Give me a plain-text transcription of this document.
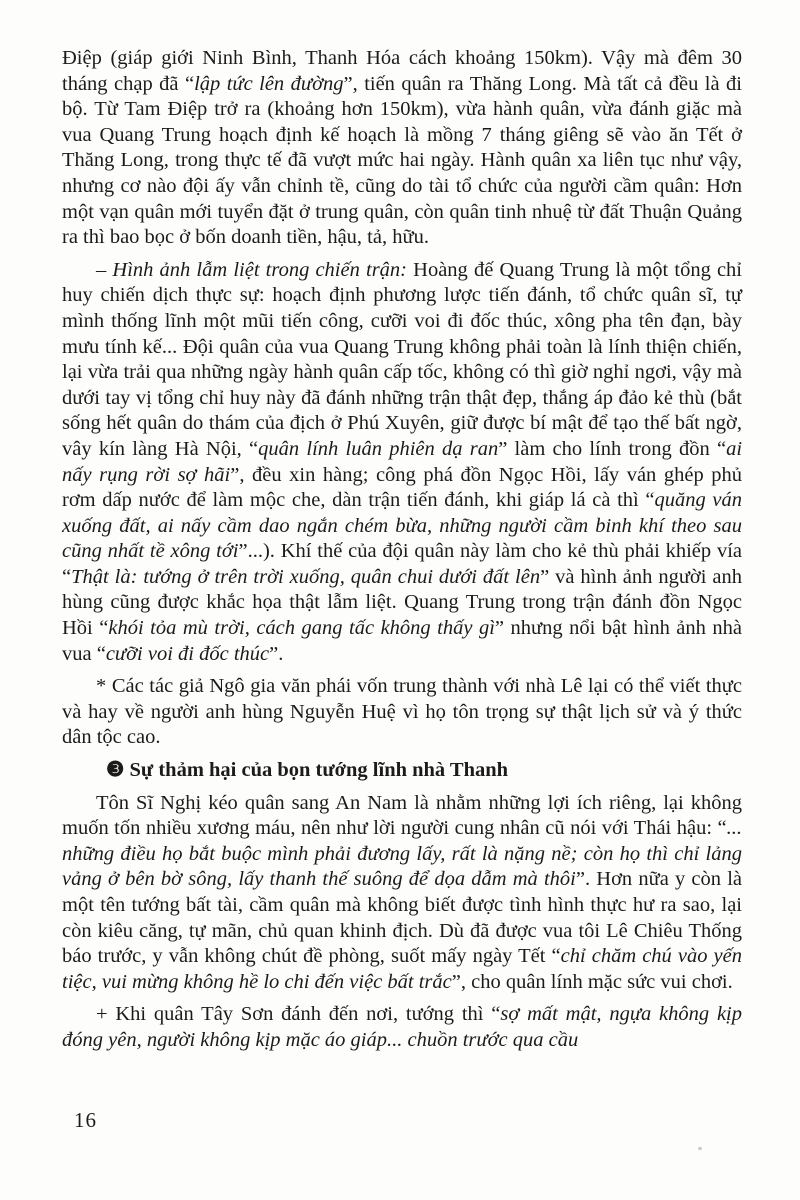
Điệp (giáp giới Ninh Bình, Thanh Hóa cách khoảng 150km). Vậy mà đêm 30 tháng chạp đã “lập tức lên đường”, tiến quân ra Thăng Long. Mà tất cả đều là đi bộ. Từ Tam Điệp trở ra (khoảng hơn 150km), vừa hành quân, vừa đánh giặc mà vua Quang Trung hoạch định kế hoạch là mồng 7 tháng giêng sẽ vào ăn Tết ở Thăng Long, trong thực tế đã vượt mức hai ngày. Hành quân xa liên tục như vậy, nhưng cơ nào đội ấy vẫn chỉnh tề, cũng do tài tổ chức của người cầm quân: Hơn một vạn quân mới tuyển đặt ở trung quân, còn quân tinh nhuệ từ đất Thuận Quảng ra thì bao bọc ở bốn doanh tiền, hậu, tả, hữu.

– Hình ảnh lẫm liệt trong chiến trận: Hoàng đế Quang Trung là một tổng chỉ huy chiến dịch thực sự: hoạch định phương lược tiến đánh, tổ chức quân sĩ, tự mình thống lĩnh một mũi tiến công, cưỡi voi đi đốc thúc, xông pha tên đạn, bày mưu tính kế... Đội quân của vua Quang Trung không phải toàn là lính thiện chiến, lại vừa trải qua những ngày hành quân cấp tốc, không có thì giờ nghỉ ngơi, vậy mà dưới tay vị tổng chỉ huy này đã đánh những trận thật đẹp, thắng áp đảo kẻ thù (bắt sống hết quân do thám của địch ở Phú Xuyên, giữ được bí mật để tạo thế bất ngờ, vây kín làng Hà Nội, “quân lính luân phiên dạ ran” làm cho lính trong đồn “ai nấy rụng rời sợ hãi”, đều xin hàng; công phá đồn Ngọc Hồi, lấy ván ghép phủ rơm dấp nước để làm mộc che, dàn trận tiến đánh, khi giáp lá cà thì “quăng ván xuống đất, ai nấy cầm dao ngắn chém bừa, những người cầm binh khí theo sau cũng nhất tề xông tới”...). Khí thế của đội quân này làm cho kẻ thù phải khiếp vía “Thật là: tướng ở trên trời xuống, quân chui dưới đất lên” và hình ảnh người anh hùng cũng được khắc họa thật lẫm liệt. Quang Trung trong trận đánh đồn Ngọc Hồi “khói tỏa mù trời, cách gang tấc không thấy gì” nhưng nổi bật hình ảnh nhà vua “cưỡi voi đi đốc thúc”.

* Các tác giả Ngô gia văn phái vốn trung thành với nhà Lê lại có thể viết thực và hay về người anh hùng Nguyễn Huệ vì họ tôn trọng sự thật lịch sử và ý thức dân tộc cao.

❸ Sự thảm hại của bọn tướng lĩnh nhà Thanh

Tôn Sĩ Nghị kéo quân sang An Nam là nhằm những lợi ích riêng, lại không muốn tốn nhiều xương máu, nên như lời người cung nhân cũ nói với Thái hậu: “... những điều họ bắt buộc mình phải đương lấy, rất là nặng nề; còn họ thì chỉ lảng vảng ở bên bờ sông, lấy thanh thế suông để dọa dẫm mà thôi”. Hơn nữa y còn là một tên tướng bất tài, cầm quân mà không biết được tình hình thực hư ra sao, lại còn kiêu căng, tự mãn, chủ quan khinh địch. Dù đã được vua tôi Lê Chiêu Thống báo trước, y vẫn không chút đề phòng, suốt mấy ngày Tết “chỉ chăm chú vào yến tiệc, vui mừng không hề lo chi đến việc bất trắc”, cho quân lính mặc sức vui chơi.

+ Khi quân Tây Sơn đánh đến nơi, tướng thì “sợ mất mật, ngựa không kịp đóng yên, người không kịp mặc áo giáp... chuồn trước qua cầu

16
